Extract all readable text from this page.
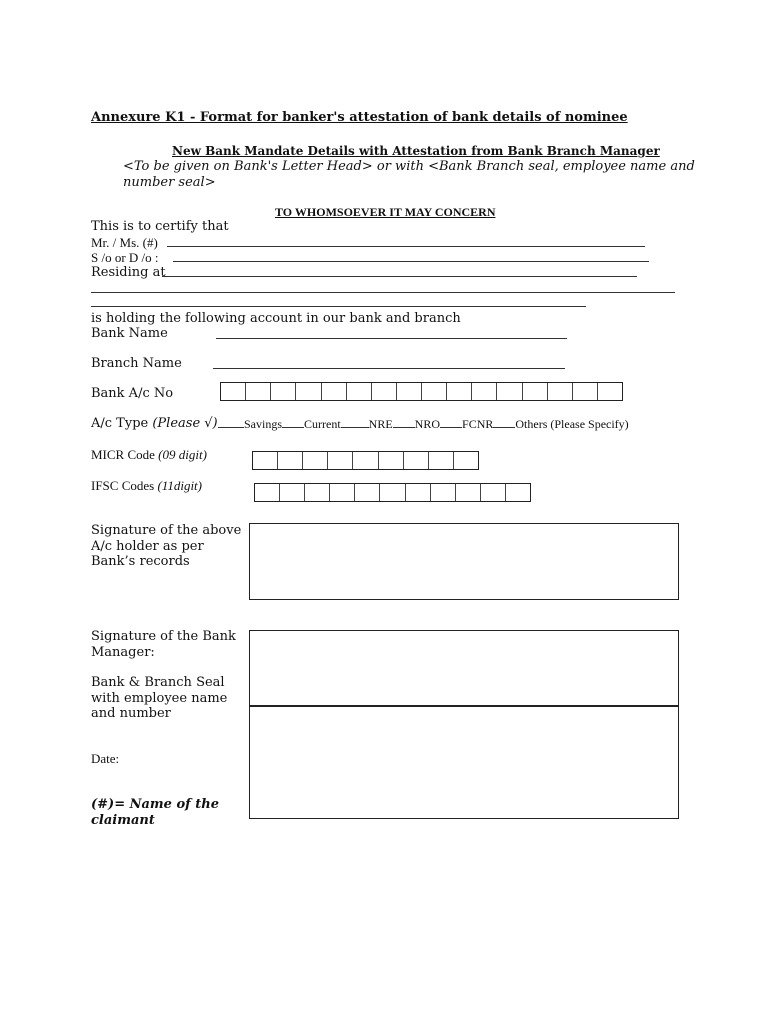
Annexure K1 - Format for banker's attestation of bank details of nominee
New Bank Mandate Details with Attestation from Bank Branch Manager
<To be given on Bank's Letter Head> or with <Bank Branch seal, employee name and
number seal>
TO WHOMSOEVER IT MAY CONCERN
This is to certify that
Mr. / Ms. (#)
S /o or D /o :
Residing at
is holding the following account in our bank and branch
Bank Name
Branch Name
Bank A/c No
A/c Type (Please √)	Savings Current NRE NRO FCNR Others (Please Specify)
MICR Code (09 digit)
IFSC Codes (11digit)
Signature of the above
A/c holder as per
Bank’s records
Signature of the Bank
Manager:
Bank & Branch Seal
with employee name
and number
Date:
(#)= Name of the
claimant
